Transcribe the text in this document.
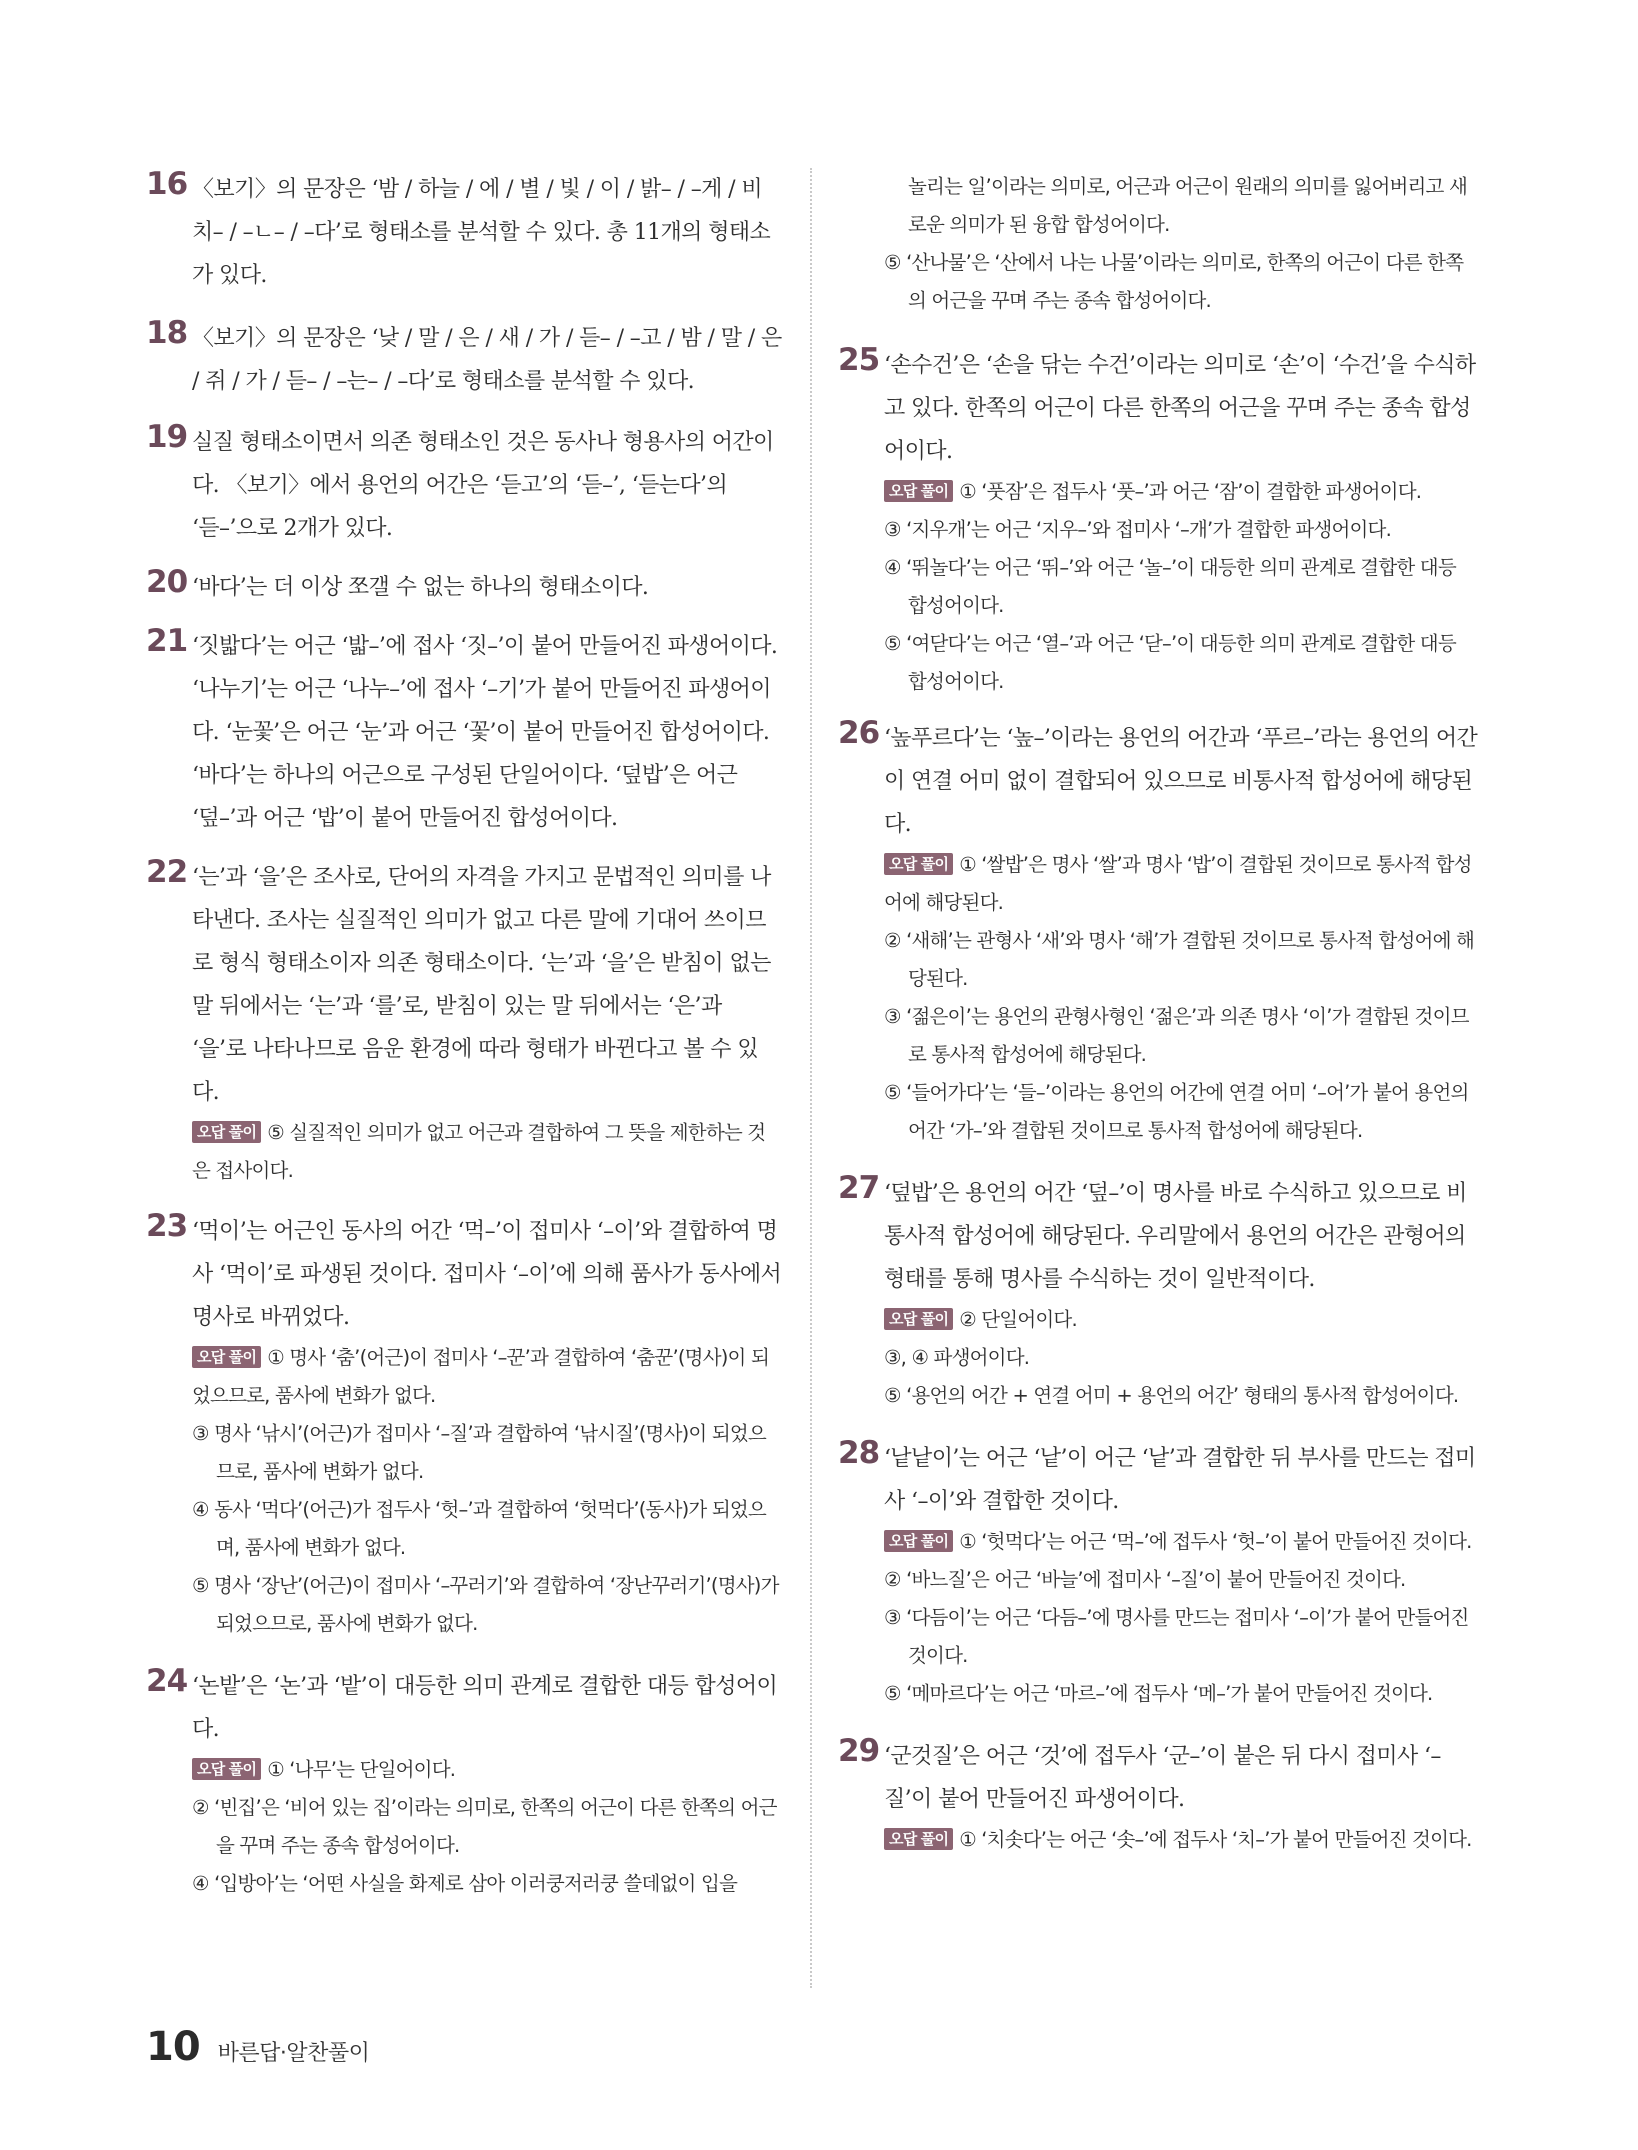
16 〈보기〉의 문장은 ‘밤 / 하늘 / 에 / 별 / 빛 / 이 / 밝– / –게 / 비치– / –ㄴ– / –다’로 형태소를 분석할 수 있다. 총 11개의 형태소가 있다.
18 〈보기〉의 문장은 ‘낮 / 말 / 은 / 새 / 가 / 듣– / –고 / 밤 / 말 / 은 / 쥐 / 가 / 듣– / –는– / –다’로 형태소를 분석할 수 있다.
19 실질 형태소이면서 의존 형태소인 것은 동사나 형용사의 어간이다. 〈보기〉에서 용언의 어간은 ‘듣고’의 ‘듣–’, ‘듣는다’의 ‘듣–’으로 2개가 있다.
20 ‘바다’는 더 이상 쪼갤 수 없는 하나의 형태소이다.
21 ‘짓밟다’는 어근 ‘밟–’에 접사 ‘짓–’이 붙어 만들어진 파생어이다. ‘나누기’는 어근 ‘나누–’에 접사 ‘–기’가 붙어 만들어진 파생어이다. ‘눈꽃’은 어근 ‘눈’과 어근 ‘꽃’이 붙어 만들어진 합성어이다. ‘바다’는 하나의 어근으로 구성된 단일어이다. ‘덮밥’은 어근 ‘덮–’과 어근 ‘밥’이 붙어 만들어진 합성어이다.
22 ‘는’과 ‘을’은 조사로, 단어의 자격을 가지고 문법적인 의미를 나타낸다. 조사는 실질적인 의미가 없고 다른 말에 기대어 쓰이므로 형식 형태소이자 의존 형태소이다. ‘는’과 ‘을’은 받침이 없는 말 뒤에서는 ‘는’과 ‘를’로, 받침이 있는 말 뒤에서는 ‘은’과 ‘을’로 나타나므로 음운 환경에 따라 형태가 바뀐다고 볼 수 있다.
오답 풀이 ⑤ 실질적인 의미가 없고 어근과 결합하여 그 뜻을 제한하는 것은 접사이다.
23 ‘먹이’는 어근인 동사의 어간 ‘먹–’이 접미사 ‘–이’와 결합하여 명사 ‘먹이’로 파생된 것이다. 접미사 ‘–이’에 의해 품사가 동사에서 명사로 바뀌었다.
오답 풀이 ① 명사 ‘춤’(어근)이 접미사 ‘–꾼’과 결합하여 ‘춤꾼’(명사)이 되었으므로, 품사에 변화가 없다.
③ 명사 ‘낚시’(어근)가 접미사 ‘–질’과 결합하여 ‘낚시질’(명사)이 되었으므로, 품사에 변화가 없다.
④ 동사 ‘먹다’(어근)가 접두사 ‘헛–’과 결합하여 ‘헛먹다’(동사)가 되었으며, 품사에 변화가 없다.
⑤ 명사 ‘장난’(어근)이 접미사 ‘–꾸러기’와 결합하여 ‘장난꾸러기’(명사)가 되었으므로, 품사에 변화가 없다.
24 ‘논밭’은 ‘논’과 ‘밭’이 대등한 의미 관계로 결합한 대등 합성어이다.
오답 풀이 ① ‘나무’는 단일어이다.
② ‘빈집’은 ‘비어 있는 집’이라는 의미로, 한쪽의 어근이 다른 한쪽의 어근을 꾸며 주는 종속 합성어이다.
④ ‘입방아’는 ‘어떤 사실을 화제로 삼아 이러쿵저러쿵 쓸데없이 입을
놀리는 일’이라는 의미로, 어근과 어근이 원래의 의미를 잃어버리고 새로운 의미가 된 융합 합성어이다.
⑤ ‘산나물’은 ‘산에서 나는 나물’이라는 의미로, 한쪽의 어근이 다른 한쪽의 어근을 꾸며 주는 종속 합성어이다.
25 ‘손수건’은 ‘손을 닦는 수건’이라는 의미로 ‘손’이 ‘수건’을 수식하고 있다. 한쪽의 어근이 다른 한쪽의 어근을 꾸며 주는 종속 합성어이다.
오답 풀이 ① ‘풋잠’은 접두사 ‘풋–’과 어근 ‘잠’이 결합한 파생어이다.
③ ‘지우개’는 어근 ‘지우–’와 접미사 ‘–개’가 결합한 파생어이다.
④ ‘뛰놀다’는 어근 ‘뛰–’와 어근 ‘놀–’이 대등한 의미 관계로 결합한 대등 합성어이다.
⑤ ‘여닫다’는 어근 ‘열–’과 어근 ‘닫–’이 대등한 의미 관계로 결합한 대등 합성어이다.
26 ‘높푸르다’는 ‘높–’이라는 용언의 어간과 ‘푸르–’라는 용언의 어간이 연결 어미 없이 결합되어 있으므로 비통사적 합성어에 해당된다.
오답 풀이 ① ‘쌀밥’은 명사 ‘쌀’과 명사 ‘밥’이 결합된 것이므로 통사적 합성어에 해당된다.
② ‘새해’는 관형사 ‘새’와 명사 ‘해’가 결합된 것이므로 통사적 합성어에 해당된다.
③ ‘젊은이’는 용언의 관형사형인 ‘젊은’과 의존 명사 ‘이’가 결합된 것이므로 통사적 합성어에 해당된다.
⑤ ‘들어가다’는 ‘들–’이라는 용언의 어간에 연결 어미 ‘–어’가 붙어 용언의 어간 ‘가–’와 결합된 것이므로 통사적 합성어에 해당된다.
27 ‘덮밥’은 용언의 어간 ‘덮–’이 명사를 바로 수식하고 있으므로 비통사적 합성어에 해당된다. 우리말에서 용언의 어간은 관형어의 형태를 통해 명사를 수식하는 것이 일반적이다.
오답 풀이 ② 단일어이다.
③, ④ 파생어이다.
⑤ ‘용언의 어간 + 연결 어미 + 용언의 어간’ 형태의 통사적 합성어이다.
28 ‘낱낱이’는 어근 ‘낱’이 어근 ‘낱’과 결합한 뒤 부사를 만드는 접미사 ‘–이’와 결합한 것이다.
오답 풀이 ① ‘헛먹다’는 어근 ‘먹–’에 접두사 ‘헛–’이 붙어 만들어진 것이다.
② ‘바느질’은 어근 ‘바늘’에 접미사 ‘–질’이 붙어 만들어진 것이다.
③ ‘다듬이’는 어근 ‘다듬–’에 명사를 만드는 접미사 ‘–이’가 붙어 만들어진 것이다.
⑤ ‘메마르다’는 어근 ‘마르–’에 접두사 ‘메–’가 붙어 만들어진 것이다.
29 ‘군것질’은 어근 ‘것’에 접두사 ‘군–’이 붙은 뒤 다시 접미사 ‘–질’이 붙어 만들어진 파생어이다.
오답 풀이 ① ‘치솟다’는 어근 ‘솟–’에 접두사 ‘치–’가 붙어 만들어진 것이다.
10 바른답·알찬풀이
